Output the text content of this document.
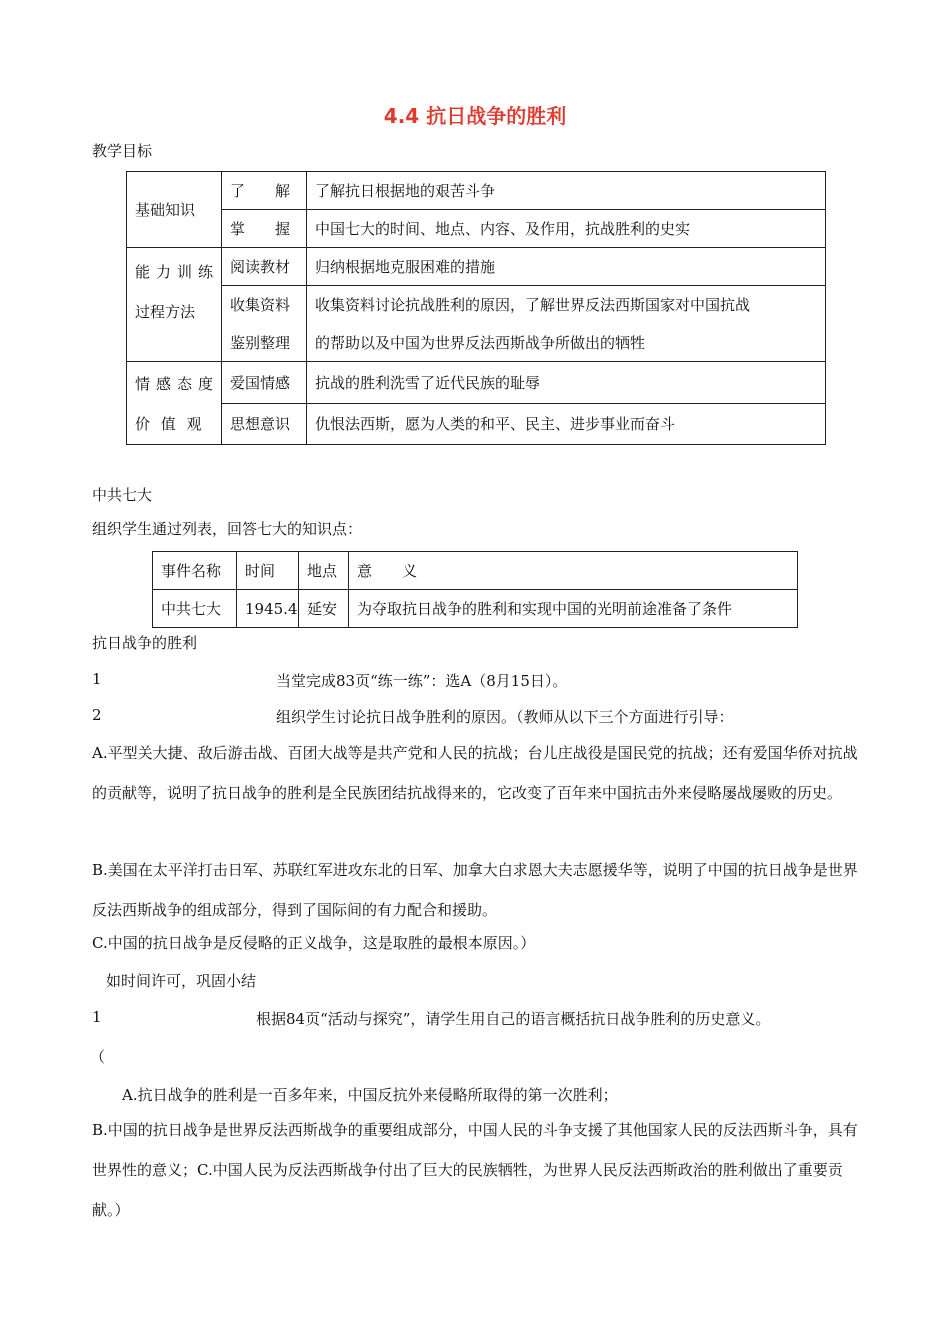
4.4 抗日战争的胜利
教学目标
基础知识	了　　解	了解抗日根据地的艰苦斗争
	掌　　握	中国七大的时间、地点、内容、及作用，抗战胜利的史实

能力训练
过程方法	阅读教材	归纳根据地克服困难的措施
	收集资料	收集资料讨论抗战胜利的原因，了解世界反法西斯国家对中国抗战
	鉴别整理	的帮助以及中国为世界反法西斯战争所做出的牺牲

情感态度
价 值 观	爱国情感	抗战的胜利洗雪了近代民族的耻辱
	思想意识	仇恨法西斯，愿为人类的和平、民主、进步事业而奋斗
中共七大
组织学生通过列表，回答七大的知识点：
事件名称	时间	地点	意　　义
中共七大	1945.4	延安	为夺取抗日战争的胜利和实现中国的光明前途准备了条件
抗日战争的胜利
1	当堂完成83页“练一练”：选A（8月15日）。
2	组织学生讨论抗日战争胜利的原因。（教师从以下三个方面进行引导：
A.平型关大捷、敌后游击战、百团大战等是共产党和人民的抗战；台儿庄战役是国民党的抗战；还有爱国华侨对抗战的贡献等，说明了抗日战争的胜利是全民族团结抗战得来的，它改变了百年来中国抗击外来侵略屡战屡败的历史。
B.美国在太平洋打击日军、苏联红军进攻东北的日军、加拿大白求恩大夫志愿援华等，说明了中国的抗日战争是世界反法西斯战争的组成部分，得到了国际间的有力配合和援助。
C.中国的抗日战争是反侵略的正义战争，这是取胜的最根本原因。）
如时间许可，巩固小结
1	根据84页“活动与探究”，请学生用自己的语言概括抗日战争胜利的历史意义。
（
A.抗日战争的胜利是一百多年来，中国反抗外来侵略所取得的第一次胜利；
B.中国的抗日战争是世界反法西斯战争的重要组成部分，中国人民的斗争支援了其他国家人民的反法西斯斗争，具有世界性的意义；C.中国人民为反法西斯战争付出了巨大的民族牺牲，为世界人民反法西斯政治的胜利做出了重要贡献。）
